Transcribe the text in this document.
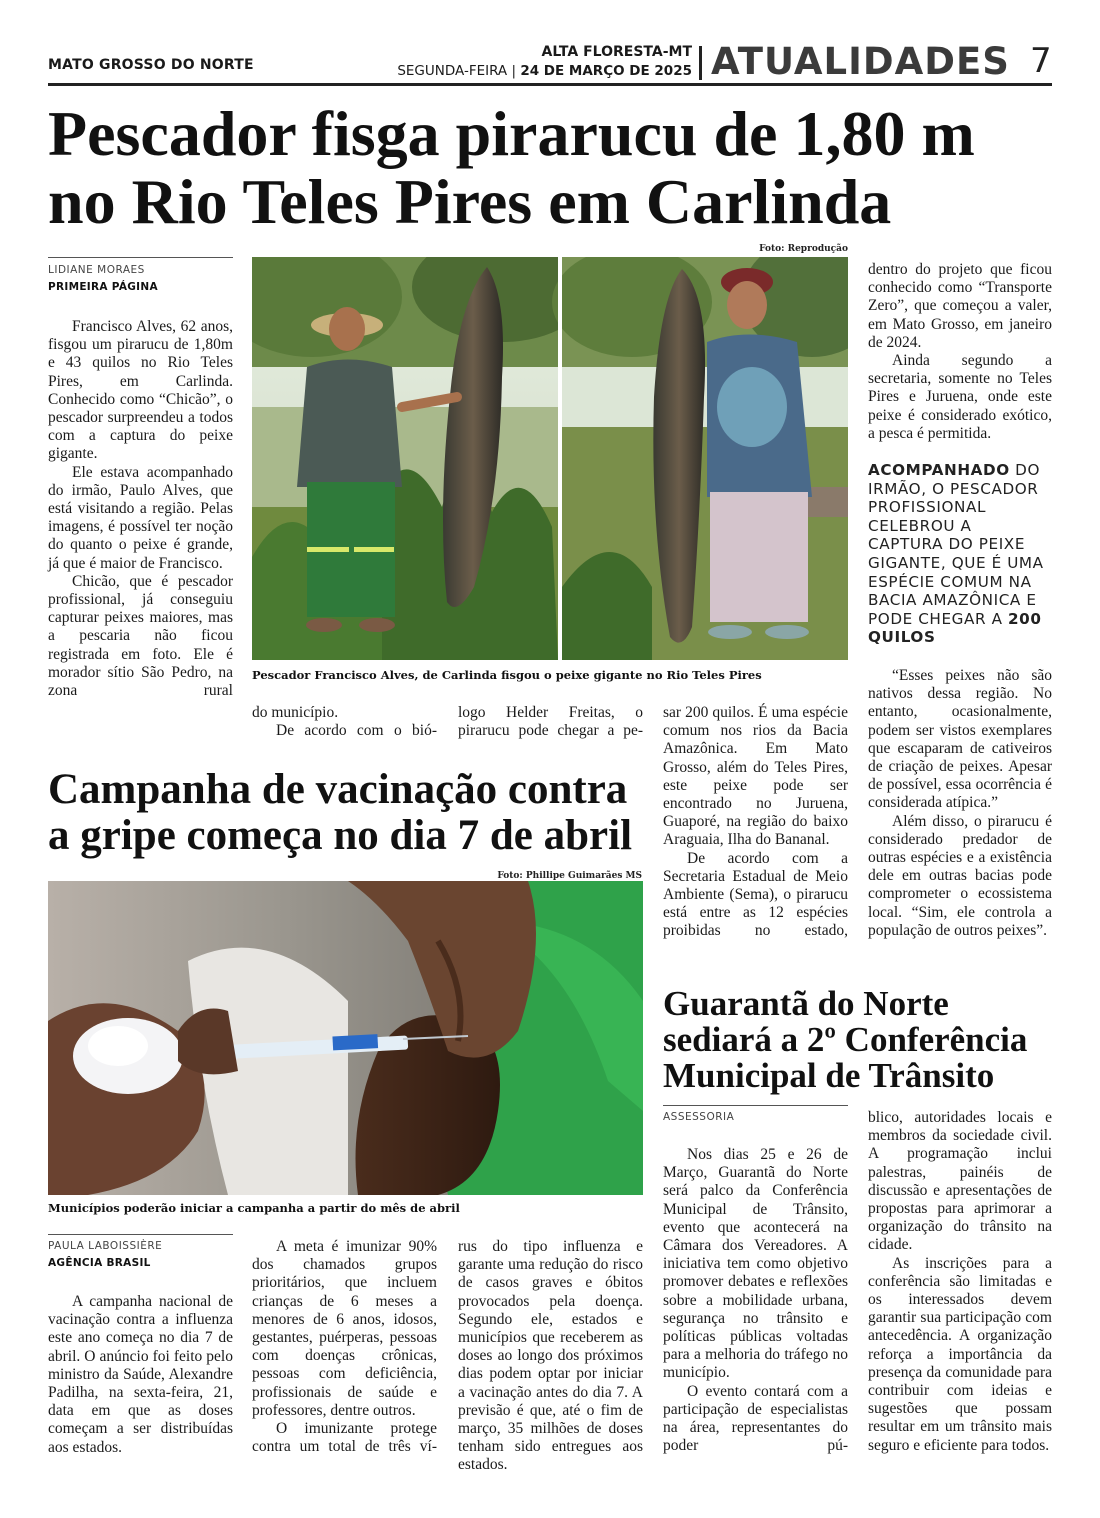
MATO GROSSO DO NORTE
ALTA FLORESTA-MT
SEGUNDA-FEIRA | 24 DE MARÇO DE 2025 ATUALIDADES 7
Pescador fisga pirarucu de 1,80 m
no Rio Teles Pires em Carlinda
Foto: Reprodução
LIDIANE MORAES
PRIMEIRA PÁGINA

Francisco Alves, 62 anos, fisgou um pirarucu de 1,80m e 43 quilos no Rio Teles Pires, em Carlinda. Conhecido como “Chicão”, o pescador surpreendeu a todos com a captura do peixe gigante.

Ele estava acompanhado do irmão, Paulo Alves, que está visitando a região. Pelas imagens, é possível ter noção do quanto o peixe é grande, já que é maior de Francisco.

Chicão, que é pescador profissional, já conseguiu capturar peixes maiores, mas a pescaria não ficou registrada em foto. Ele é morador sítio São Pedro, na zona rural

Pescador Francisco Alves, de Carlinda fisgou o peixe gigante no Rio Teles Pires

do município.

De acordo com o bió-

logo Helder Freitas, o pirarucu pode chegar a pe-

sar 200 quilos. É uma espécie comum nos rios da Bacia Amazônica. Em Mato Grosso, além do Teles Pires, este peixe pode ser encontrado no Juruena, Guaporé, na região do baixo Araguaia, Ilha do Bananal.

De acordo com a Secretaria Estadual de Meio Ambiente (Sema), o pirarucu está entre as 12 espécies proibidas no estado,

dentro do projeto que ficou conhecido como “Transporte Zero”, que começou a valer, em Mato Grosso, em janeiro de 2024.

Ainda segundo a secretaria, somente no Teles Pires e Juruena, onde este peixe é considerado exótico, a pesca é permitida.

ACOMPANHADO DO IRMÃO, O PESCADOR PROFISSIONAL CELEBROU A CAPTURA DO PEIXE GIGANTE, QUE É UMA ESPÉCIE COMUM NA BACIA AMAZÔNICA E PODE CHEGAR A 200 QUILOS

“Esses peixes não são nativos dessa região. No entanto, ocasionalmente, podem ser vistos exemplares que escaparam de cativeiros de criação de peixes. Apesar de possível, essa ocorrência é considerada atípica.”

Além disso, o pirarucu é considerado predador de outras espécies e a existência dele em outras bacias pode comprometer o ecossistema local. “Sim, ele controla a população de outros peixes”.

Campanha de vacinação contra
a gripe começa no dia 7 de abril
Foto: Phillipe Guimarães MS
Municípios poderão iniciar a campanha a partir do mês de abril
PAULA LABOISSIÈRE
AGÊNCIA BRASIL

A campanha nacional de vacinação contra a influenza este ano começa no dia 7 de abril. O anúncio foi feito pelo ministro da Saúde, Alexandre Padilha, na sexta-feira, 21, data em que as doses começam a ser distribuídas aos estados.

A meta é imunizar 90% dos chamados grupos prioritários, que incluem crianças de 6 meses a menores de 6 anos, idosos, gestantes, puérperas, pessoas com doenças crônicas, pessoas com deficiência, profissionais de saúde e professores, dentre outros.

O imunizante protege contra um total de três ví-

rus do tipo influenza e garante uma redução do risco de casos graves e óbitos provocados pela doença. Segundo ele, estados e municípios que receberem as doses ao longo dos próximos dias podem optar por iniciar a vacinação antes do dia 7. A previsão é que, até o fim de março, 35 milhões de doses tenham sido entregues aos estados.

Guarantã do Norte
sediará a 2º Conferência
Municipal de Trânsito
ASSESSORIA

Nos dias 25 e 26 de Março, Guarantã do Norte será palco da Conferência Municipal de Trânsito, evento que acontecerá na Câmara dos Vereadores. A iniciativa tem como objetivo promover debates e reflexões sobre a mobilidade urbana, segurança no trânsito e políticas públicas voltadas para a melhoria do tráfego no município.

O evento contará com a participação de especialistas na área, representantes do poder pú-

blico, autoridades locais e membros da sociedade civil. A programação inclui palestras, painéis de discussão e apresentações de propostas para aprimorar a organização do trânsito na cidade.

As inscrições para a conferência são limitadas e os interessados devem garantir sua participação com antecedência. A organização reforça a importância da presença da comunidade para contribuir com ideias e sugestões que possam resultar em um trânsito mais seguro e eficiente para todos.
